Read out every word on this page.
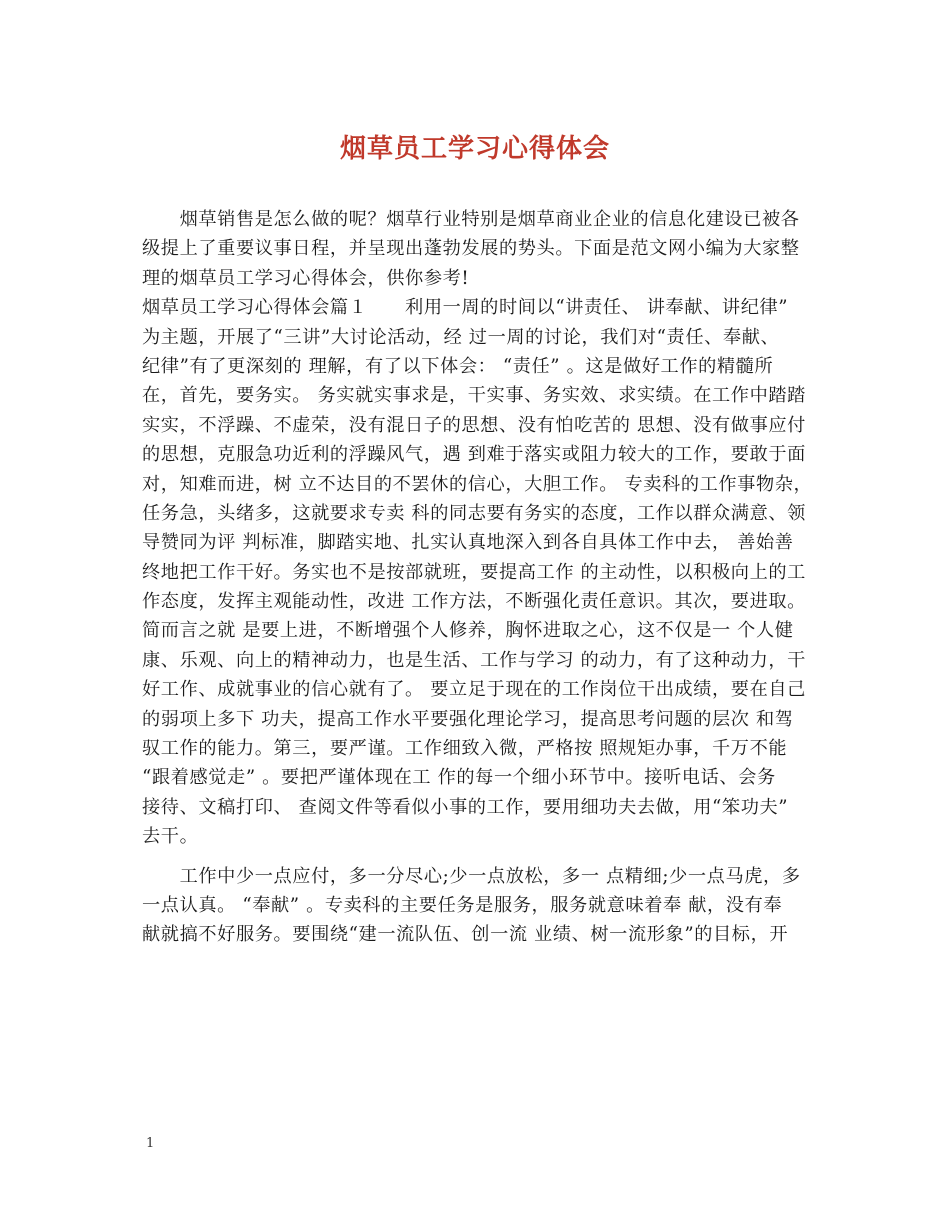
烟草员工学习心得体会
　　烟草销售是怎么做的呢？烟草行业特别是烟草商业企业的信息化建设已被各
级提上了重要议事日程，并呈现出蓬勃发展的势头。下面是范文网小编为大家整
理的烟草员工学习心得体会，供你参考!
烟草员工学习心得体会篇１　　利用一周的时间以“讲责任、 讲奉献、讲纪律”
为主题，开展了“三讲”大讨论活动，经 过一周的讨论，我们对“责任、奉献、
纪律”有了更深刻的 理解，有了以下体会： “责任” 。这是做好工作的精髓所
在，首先，要务实。 务实就实事求是，干实事、务实效、求实绩。在工作中踏踏
实实，不浮躁、不虚荣，没有混日子的思想、没有怕吃苦的 思想、没有做事应付
的思想，克服急功近利的浮躁风气，遇 到难于落实或阻力较大的工作，要敢于面
对，知难而进，树 立不达目的不罢休的信心，大胆工作。 专卖科的工作事物杂，
任务急，头绪多，这就要求专卖 科的同志要有务实的态度，工作以群众满意、领
导赞同为评 判标准，脚踏实地、扎实认真地深入到各自具体工作中去， 善始善
终地把工作干好。务实也不是按部就班，要提高工作 的主动性，以积极向上的工
作态度，发挥主观能动性，改进 工作方法，不断强化责任意识。其次，要进取。
简而言之就 是要上进，不断增强个人修养，胸怀进取之心，这不仅是一 个人健
康、乐观、向上的精神动力，也是生活、工作与学习 的动力，有了这种动力，干
好工作、成就事业的信心就有了。 要立足于现在的工作岗位干出成绩，要在自己
的弱项上多下 功夫，提高工作水平要强化理论学习，提高思考问题的层次 和驾
驭工作的能力。第三，要严谨。工作细致入微，严格按 照规矩办事，千万不能
“跟着感觉走” 。要把严谨体现在工 作的每一个细小环节中。接听电话、会务
接待、文稿打印、 查阅文件等看似小事的工作，要用细功夫去做，用“笨功夫”
去干。
　　工作中少一点应付，多一分尽心;少一点放松，多一 点精细;少一点马虎，多
一点认真。 “奉献” 。专卖科的主要任务是服务，服务就意味着奉 献，没有奉
献就搞不好服务。要围绕“建一流队伍、创一流 业绩、树一流形象”的目标，开
1
